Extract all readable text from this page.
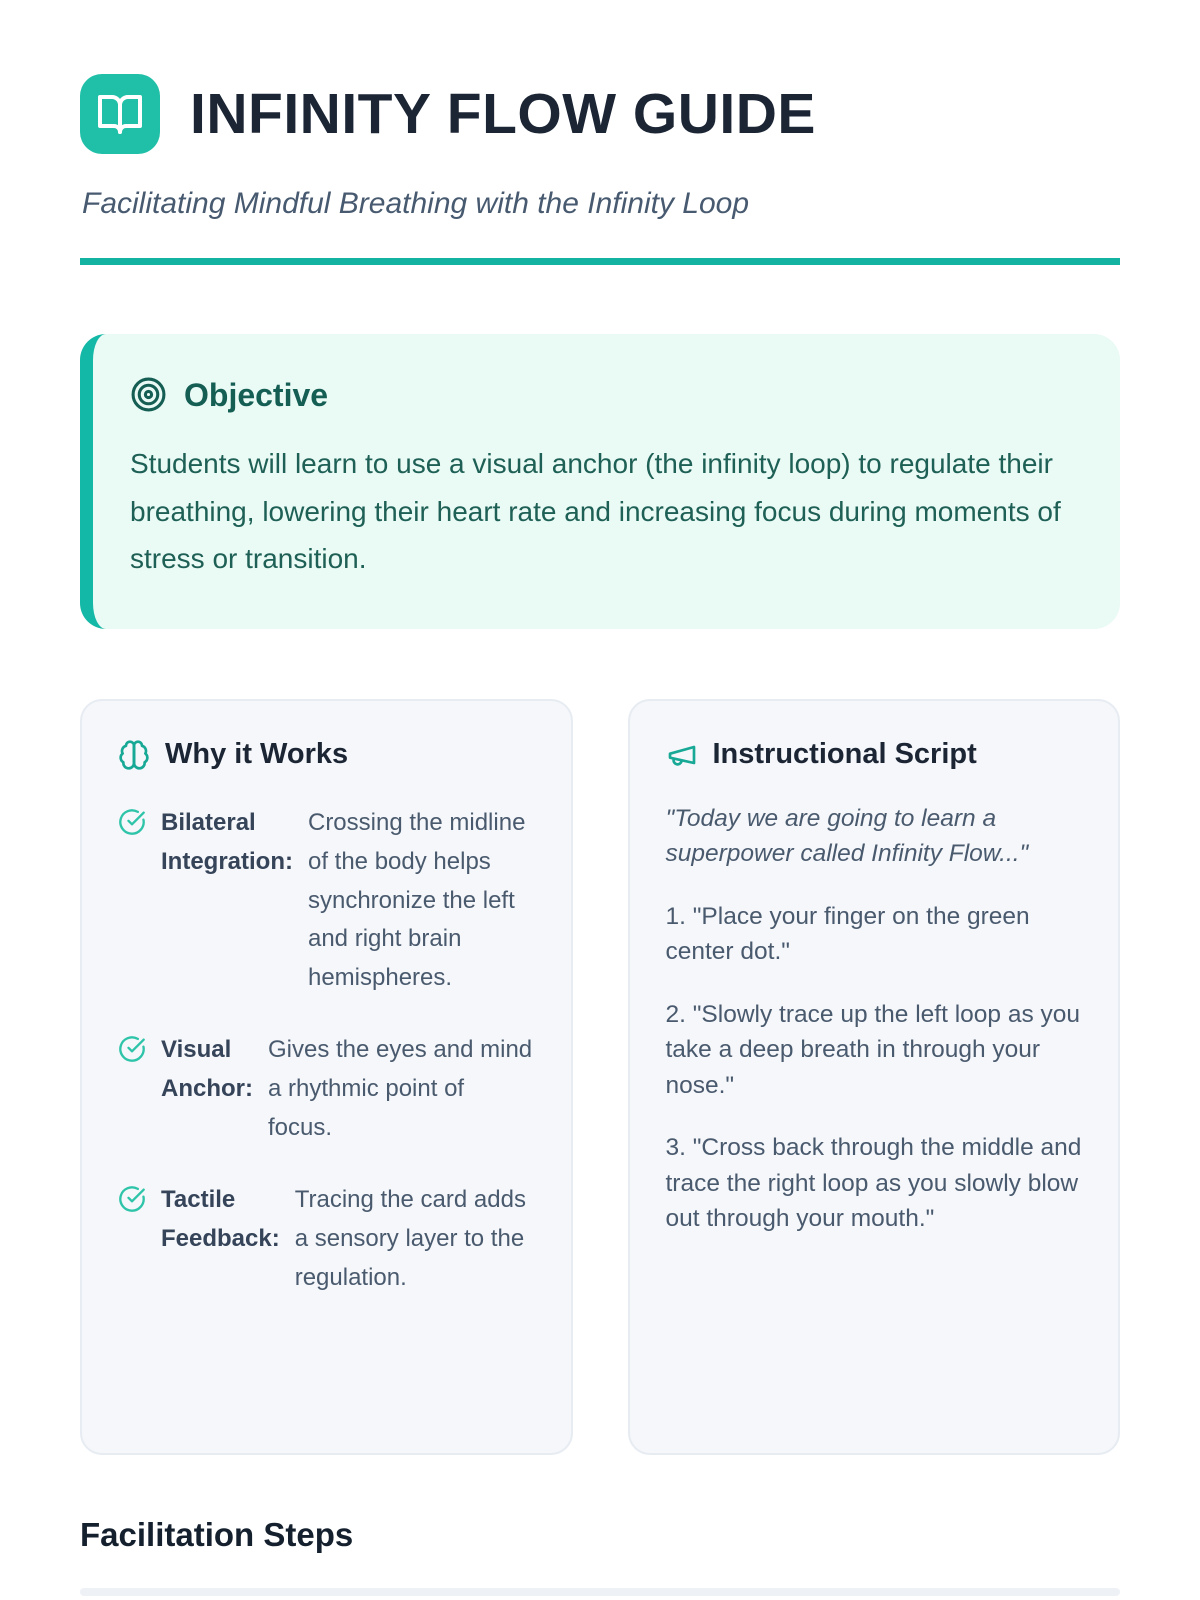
INFINITY FLOW GUIDE

Facilitating Mindful Breathing with the Infinity Loop

Objective

Students will learn to use a visual anchor (the infinity loop) to regulate their breathing, lowering their heart rate and increasing focus during moments of stress or transition.

Why it Works
Bilateral Integration:
Crossing the midline of the body helps synchronize the left and right brain hemispheres.
Visual Anchor:
Gives the eyes and mind a rhythmic point of focus.
Tactile Feedback:
Tracing the card adds a sensory layer to the regulation.
Instructional Script

"Today we are going to learn a superpower called Infinity Flow..."

1. "Place your finger on the green center dot."

2. "Slowly trace up the left loop as you take a deep breath in through your nose."

3. "Cross back through the middle and trace the right loop as you slowly blow out through your mouth."

Facilitation Steps
